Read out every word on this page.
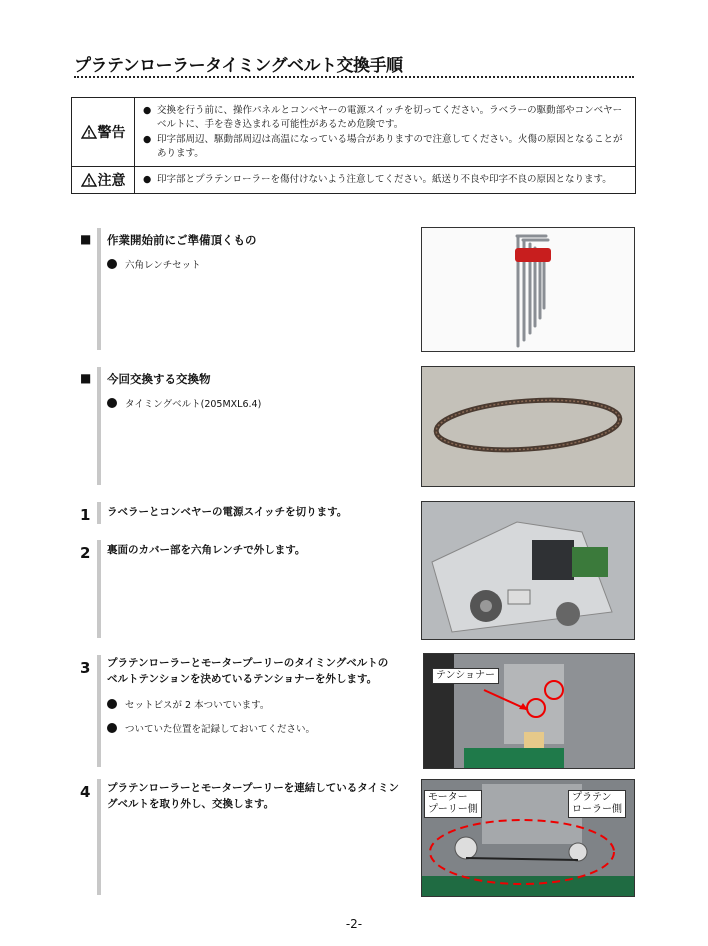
プラテンローラータイミングベルト交換手順
警告	● 交換を行う前に、操作パネルとコンベヤーの電源スイッチを切ってください。ラベラーの駆動部やコンベヤーベルトに、手を巻き込まれる可能性があるため危険です。
● 印字部周辺、駆動部周辺は高温になっている場合がありますので注意してください。火傷の原因となることがあります。

注意	● 印字部とプラテンローラーを傷付けないよう注意してください。紙送り不良や印字不良の原因となります。
■ 作業開始前にご準備頂くもの
六角レンチセット
■ 今回交換する交換物
タイミングベルト(205MXL6.4)
1 ラベラーとコンベヤーの電源スイッチを切ります。
2 裏面のカバー部を六角レンチで外します。
3 プラテンローラーとモータープーリーのタイミングベルトの
ベルトテンションを決めているテンショナーを外します。
セットビスが 2 本ついています。
ついていた位置を記録しておいてください。
テンショナー
4 プラテンローラーとモータープーリーを連結しているタイミン
グベルトを取り外し、交換します。
モーター
プーリー側
プラテン
ローラー側
-2-
